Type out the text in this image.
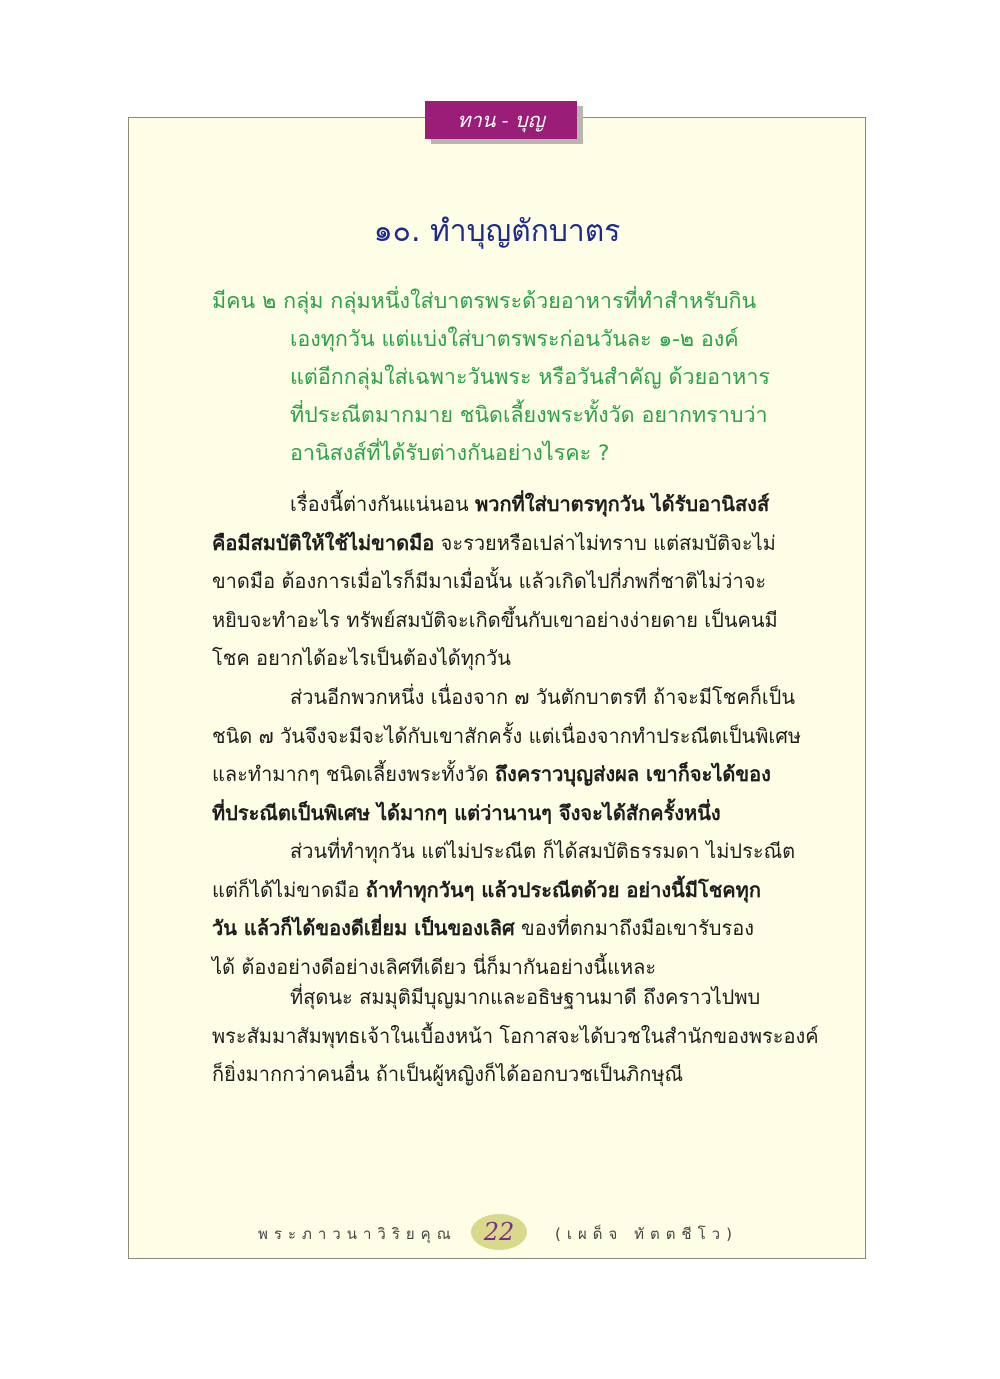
ทาน - บุญ
๑๐. ทำบุญตักบาตร
มีคน ๒ กลุ่ม กลุ่มหนึ่งใส่บาตรพระด้วยอาหารที่ทำสำหรับกิน
เองทุกวัน แต่แบ่งใส่บาตรพระก่อนวันละ ๑-๒ องค์
แต่อีกกลุ่มใส่เฉพาะวันพระ หรือวันสำคัญ ด้วยอาหาร
ที่ประณีตมากมาย ชนิดเลี้ยงพระทั้งวัด อยากทราบว่า
อานิสงส์ที่ได้รับต่างกันอย่างไรคะ ?
เรื่องนี้ต่างกันแน่นอน พวกที่ใส่บาตรทุกวัน ได้รับอานิสงส์
คือมีสมบัติให้ใช้ไม่ขาดมือ จะรวยหรือเปล่าไม่ทราบ แต่สมบัติจะไม่
ขาดมือ ต้องการเมื่อไรก็มีมาเมื่อนั้น แล้วเกิดไปกี่ภพกี่ชาติไม่ว่าจะ
หยิบจะทำอะไร ทรัพย์สมบัติจะเกิดขึ้นกับเขาอย่างง่ายดาย เป็นคนมี
โชค อยากได้อะไรเป็นต้องได้ทุกวัน
ส่วนอีกพวกหนึ่ง เนื่องจาก ๗ วันตักบาตรที ถ้าจะมีโชคก็เป็น
ชนิด ๗ วันจึงจะมีจะได้กับเขาสักครั้ง แต่เนื่องจากทำประณีตเป็นพิเศษ
และทำมากๆ ชนิดเลี้ยงพระทั้งวัด ถึงคราวบุญส่งผล เขาก็จะได้ของ
ที่ประณีตเป็นพิเศษ ได้มากๆ แต่ว่านานๆ จึงจะได้สักครั้งหนึ่ง
ส่วนที่ทำทุกวัน แต่ไม่ประณีต ก็ได้สมบัติธรรมดา ไม่ประณีต
แต่ก็ได้ไม่ขาดมือ ถ้าทำทุกวันๆ แล้วประณีตด้วย อย่างนี้มีโชคทุก
วัน แล้วก็ได้ของดีเยี่ยม เป็นของเลิศ ของที่ตกมาถึงมือเขารับรอง
ได้ ต้องอย่างดีอย่างเลิศทีเดียว นี่ก็มากันอย่างนี้แหละ
ที่สุดนะ สมมุติมีบุญมากและอธิษฐานมาดี ถึงคราวไปพบ
พระสัมมาสัมพุทธเจ้าในเบื้องหน้า โอกาสจะได้บวชในสำนักของพระองค์
ก็ยิ่งมากกว่าคนอื่น ถ้าเป็นผู้หญิงก็ได้ออกบวชเป็นภิกษุณี
พระภาวนาวิริยคุณ 22	(เผด็จ ทัตตชีโว)
